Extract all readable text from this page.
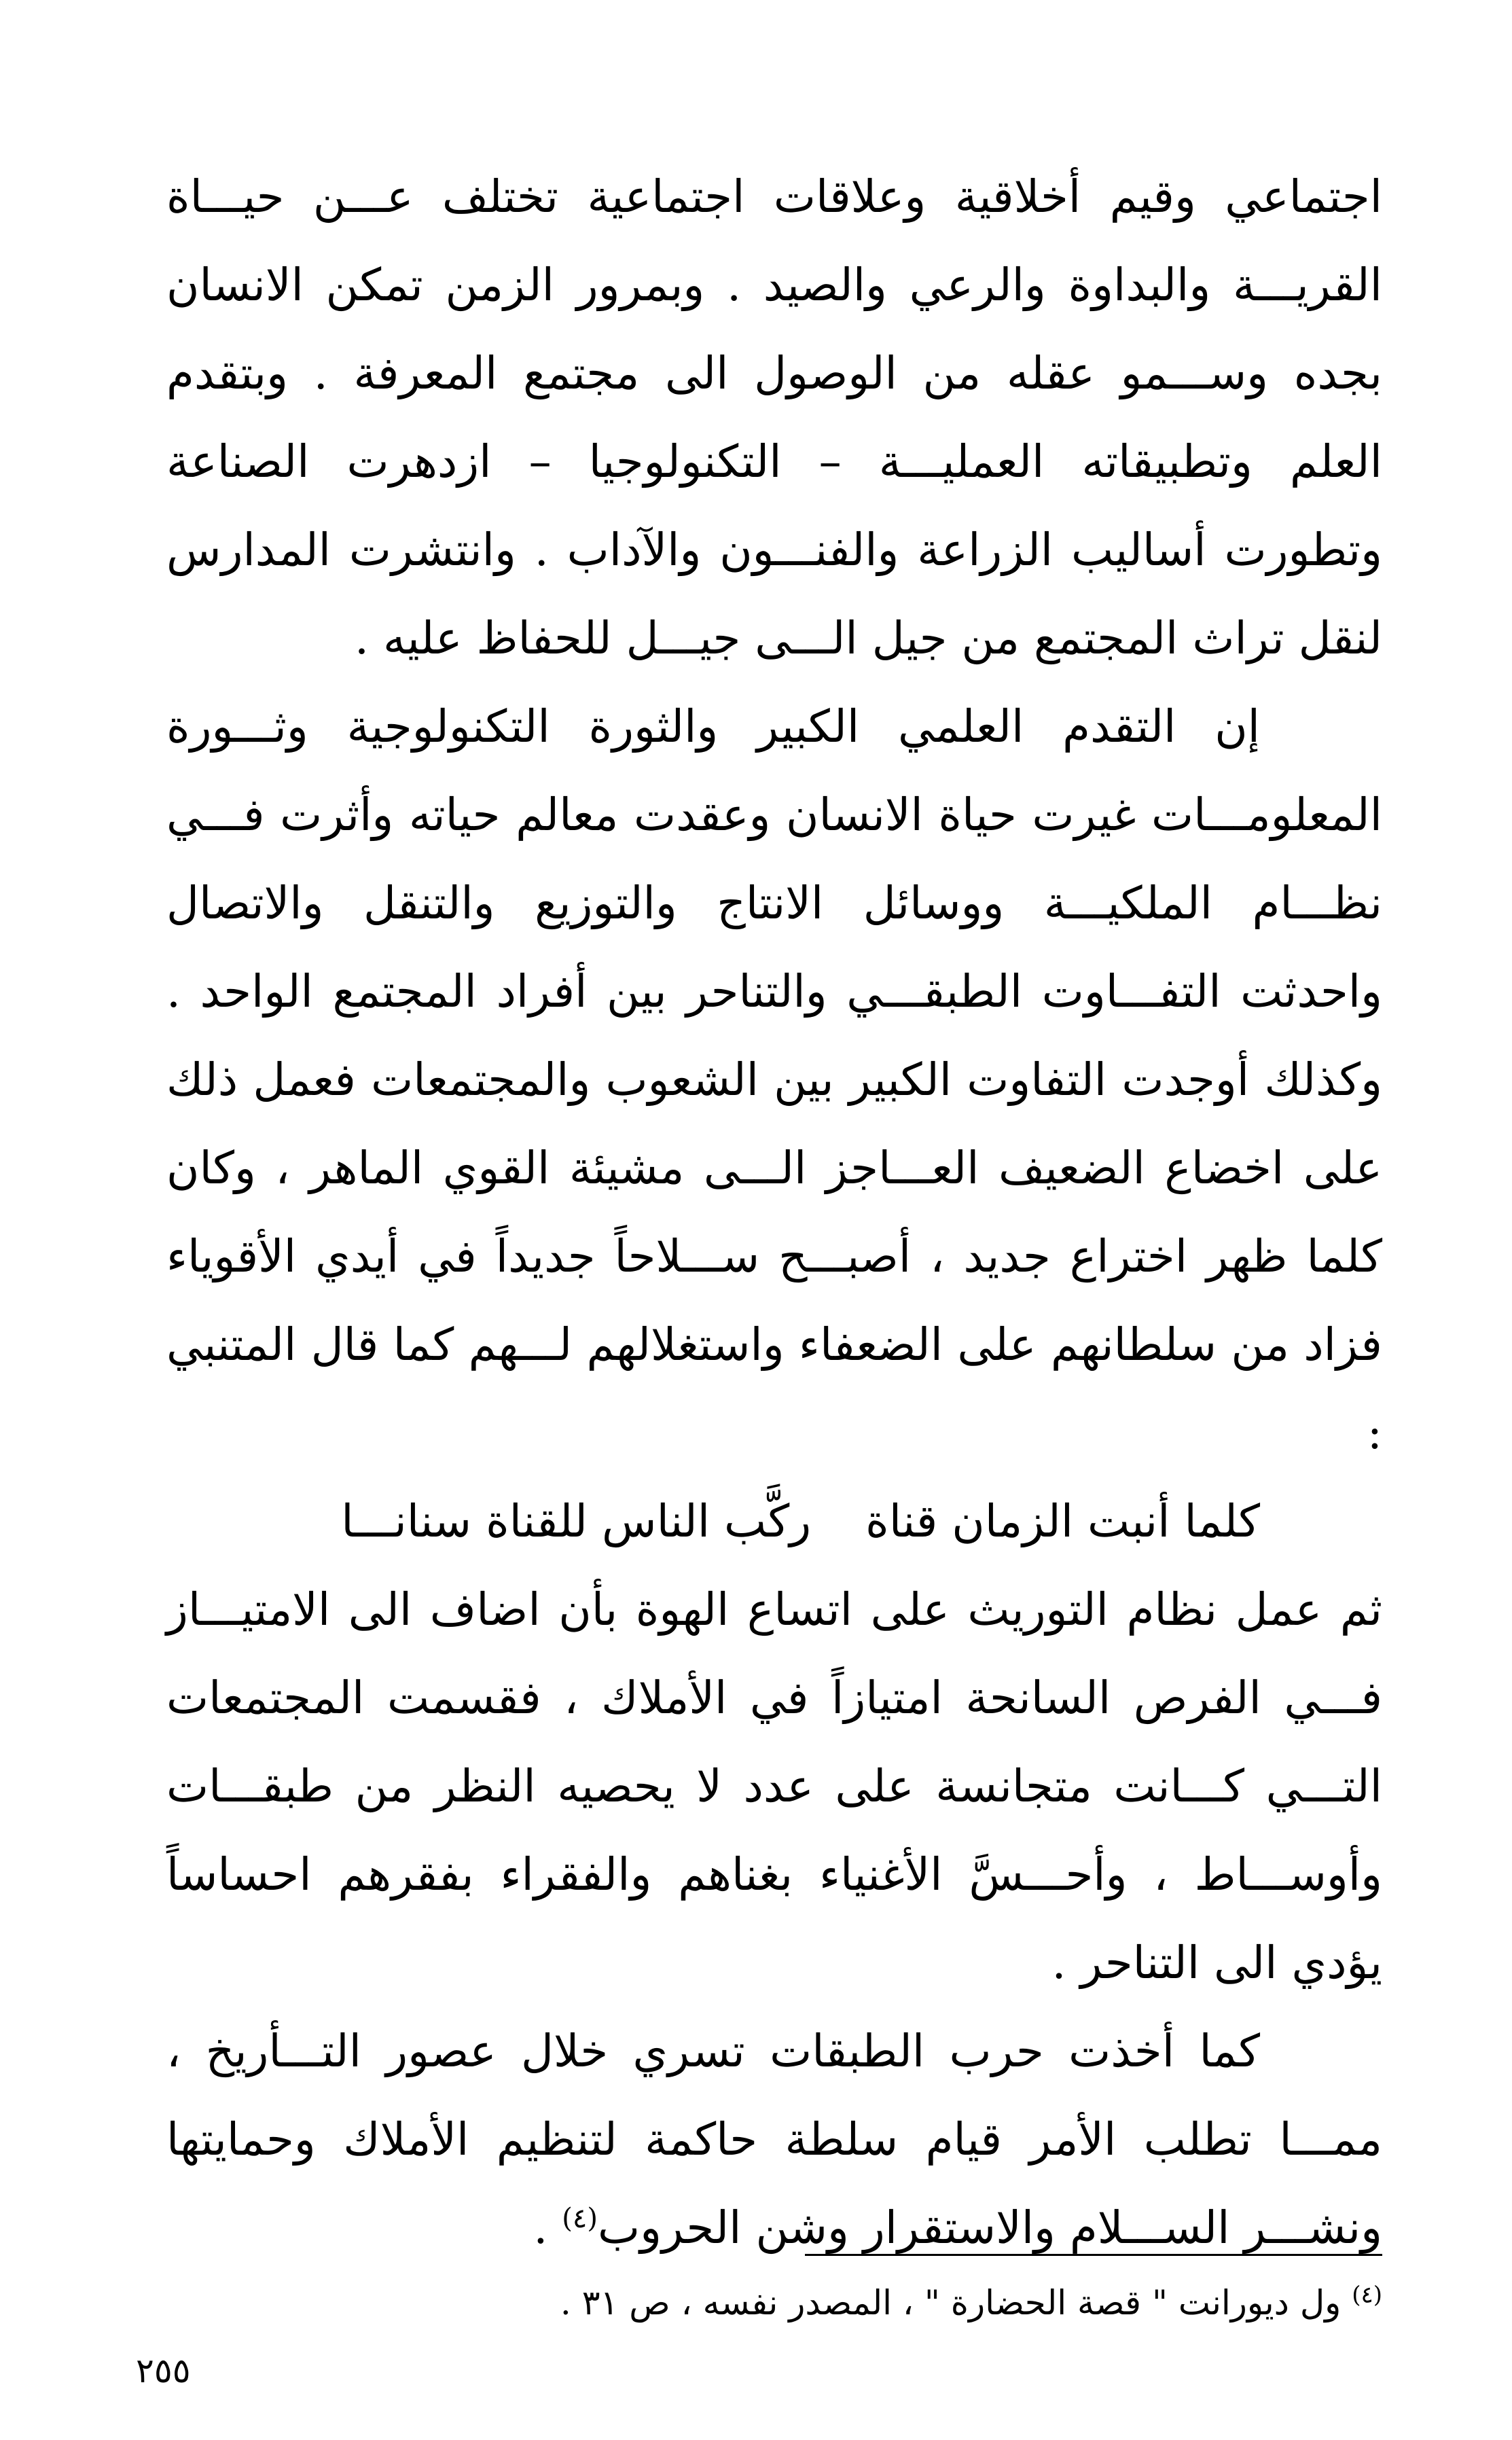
اجتماعي وقيم أخلاقية وعلاقات اجتماعية تختلف عـــن حيـــاة القريـــة والبداوة والرعي والصيد . وبمرور الزمن تمكن الانسان بجده وســـمو عقله من الوصول الى مجتمع المعرفة . وبتقدم العلم وتطبيقاته العمليـــة – التكنولوجيا – ازدهرت الصناعة وتطورت أساليب الزراعة والفنـــون والآداب . وانتشرت المدارس لنقل تراث المجتمع من جيل الـــى جيـــل للحفاظ عليه .

إن التقدم العلمي الكبير والثورة التكنولوجية وثـــورة المعلومـــات غيرت حياة الانسان وعقدت معالم حياته وأثرت فـــي نظـــام الملكيـــة ووسائل الانتاج والتوزيع والتنقل والاتصال واحدثت التفـــاوت الطبقـــي والتناحر بين أفراد المجتمع الواحد . وكذلك أوجدت التفاوت الكبير بين الشعوب والمجتمعات فعمل ذلك على اخضاع الضعيف العـــاجز الـــى مشيئة القوي الماهر ، وكان كلما ظهر اختراع جديد ، أصبـــح ســـلاحاً جديداً في أيدي الأقوياء فزاد من سلطانهم على الضعفاء واستغلالهم لـــهم كما قال المتنبي :

كلما أنبت الزمان قناةركَّب الناس للقناة سنانـــا

ثم عمل نظام التوريث على اتساع الهوة بأن اضاف الى الامتيـــاز فـــي الفرص السانحة امتيازاً في الأملاك ، فقسمت المجتمعات التـــي كـــانت متجانسة على عدد لا يحصيه النظر من طبقـــات وأوســـاط ، وأحـــسَّ الأغنياء بغناهم والفقراء بفقرهم احساساً يؤدي الى التناحر .

كما أخذت حرب الطبقات تسري خلال عصور التـــأريخ ، ممـــا تطلب الأمر قيام سلطة حاكمة لتنظيم الأملاك وحمايتها ونشـــر الســـلام والاستقرار وشن الحروب$^{(٤)}$ .

$^{(٤)}$ ول ديورانت " قصة الحضارة " ، المصدر نفسه ، ص ٣١ .
٢٥٥
